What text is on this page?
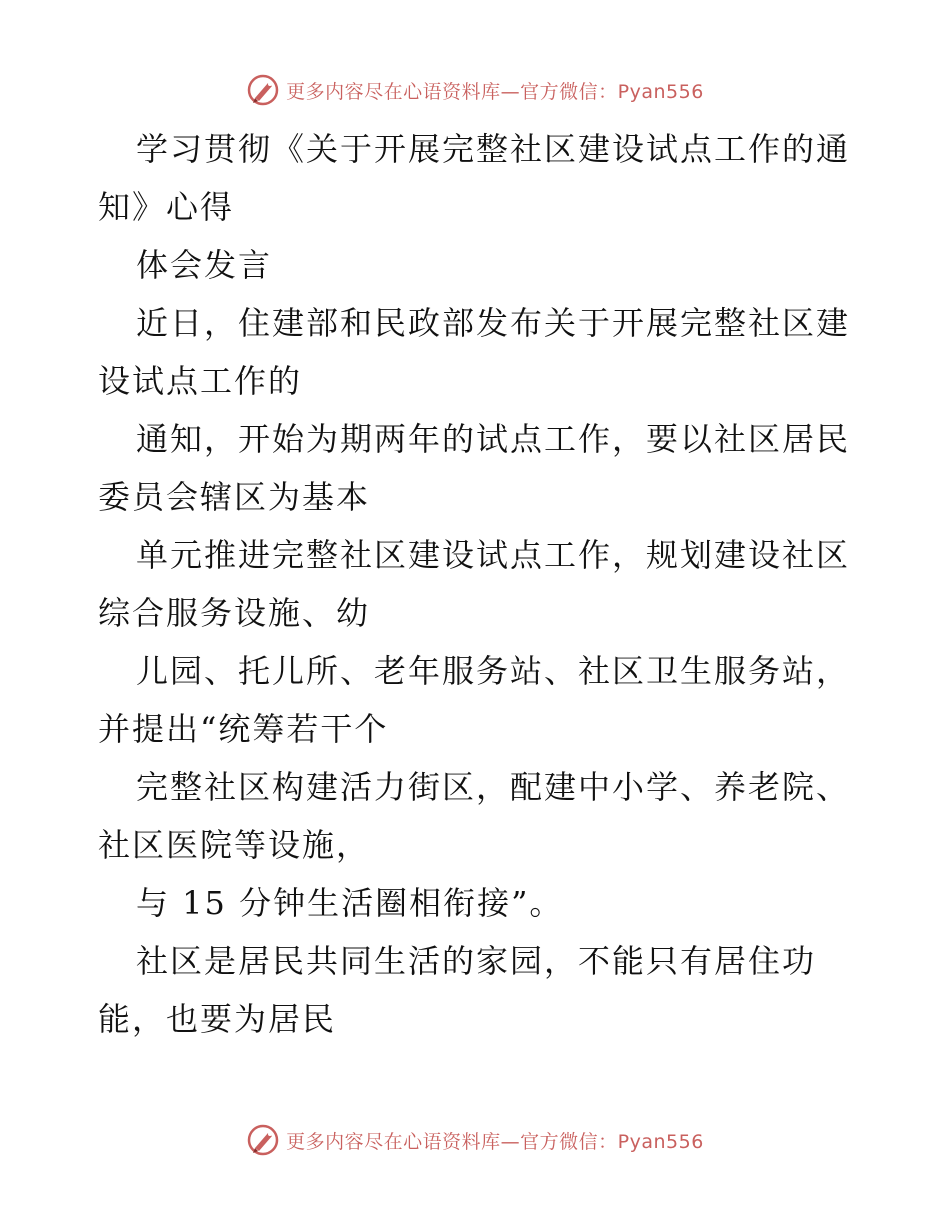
更多内容尽在心语资料库—官方微信：Pyan556

学习贯彻《关于开展完整社区建设试点工作的通知》心得

体会发言

近日，住建部和民政部发布关于开展完整社区建设试点工作的

通知，开始为期两年的试点工作，要以社区居民委员会辖区为基本

单元推进完整社区建设试点工作，规划建设社区综合服务设施、幼

儿园、托儿所、老年服务站、社区卫生服务站，并提出“统筹若干个

完整社区构建活力街区，配建中小学、养老院、社区医院等设施，

与 15 分钟生活圈相衔接”。

社区是居民共同生活的家园，不能只有居住功能，也要为居民

更多内容尽在心语资料库—官方微信：Pyan556
